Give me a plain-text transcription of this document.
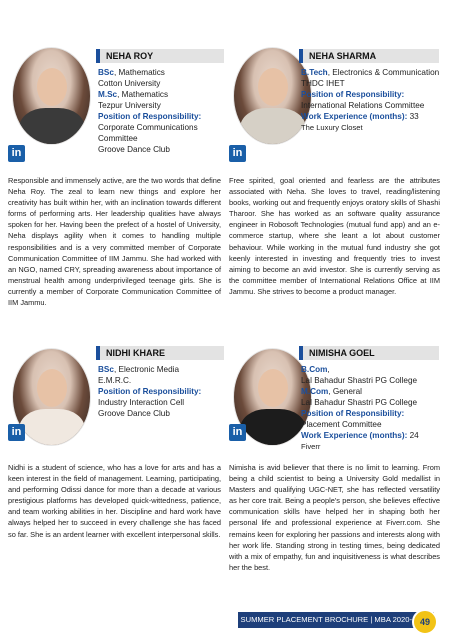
in
NEHA ROY
BSc, Mathematics
Cotton University
M.Sc, Mathematics
Tezpur University
Position of Responsibility:
Corporate Communications
Committee
Groove Dance Club
Responsible and immensely active, are the two words that define Neha Roy. The zeal to learn new things and explore her creativity has built within her, with an inclination towards different forms of performing arts. Her leadership qualities have always spoken for her. Having been the prefect of a hostel of University, Neha displays agility when it comes to handling multiple responsibilities and is a very committed member of Corporate Communication Committee of IIM Jammu. She had worked with an NGO, named CRY, spreading awareness about importance of menstrual health among underprivileged teenage girls. She is currently a member of Corporate Communication Committee of IIM Jammu.
in
NEHA SHARMA
B.Tech, Electronics & Communication
THDC IHET
Position of Responsibility:
International Relations Committee
Work Experience (months): 33
The Luxury Closet
Free spirited, goal oriented and fearless are the attributes associated with Neha. She loves to travel, reading/listening books, working out and frequently enjoys oratory skills of Shashi Tharoor. She has worked as an software quality assurance engineer in Robosoft Technologies (mutual fund app) and an e-commerce startup, where she leant a lot about customer behaviour. While working in the mutual fund industry she got keenly interested in investing and frequently tries to invest aiming to become an avid investor. She is currently serving as the committee member of International Relations Office at IIM Jammu. She strives to become a product manager.
in
NIDHI KHARE
BSc, Electronic Media
E.M.R.C.
Position of Responsibility:
Industry Interaction Cell
Groove Dance Club
Nidhi is a student of science, who has a love for arts and has a keen interest in the field of management. Learning, participating, and performing Odissi dance for more than a decade at various prestigious platforms has developed quick-wittedness, patience, and team working abilities in her. Discipline and hard work have always helped her to succeed in every challenge she has faced so far. She is an ardent learner with excellent interpersonal skills.
in
NIMISHA GOEL
B.Com,
Lal Bahadur Shastri PG College
M.Com, General
Lal Bahadur Shastri PG College
Position of Responsibility:
Placement Committee
Work Experience (months): 24
Fiverr
Nimisha is avid believer that there is no limit to learning. From being a child scientist to being a University Gold medallist in Masters and qualifying UGC-NET, she has reflected versatility as her core trait. Being a people's person, she believes effective communication skills have helped her in shaping both her personal life and professional experience at Fiverr.com. She remains keen for exploring her passions and interests along with her work life. Standing strong in testing times, being dedicated with a mix of empathy, fun and inquisitiveness is what describes her the best.
SUMMER PLACEMENT BROCHURE | MBA 2020-22
49
